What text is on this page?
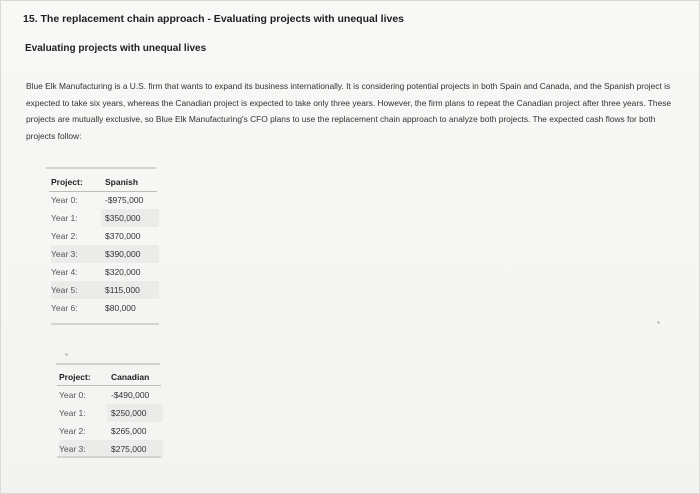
15. The replacement chain approach - Evaluating projects with unequal lives
Evaluating projects with unequal lives
Blue Elk Manufacturing is a U.S. firm that wants to expand its business internationally. It is considering potential projects in both Spain and Canada, and the Spanish project is expected to take six years, whereas the Canadian project is expected to take only three years. However, the firm plans to repeat the Canadian project after three years. These projects are mutually exclusive, so Blue Elk Manufacturing's CFO plans to use the replacement chain approach to analyze both projects. The expected cash flows for both projects follow:
Project:	Spanish
Year 0:	-$975,000
Year 1:	$350,000
Year 2:	$370,000
Year 3:	$390,000
Year 4:	$320,000
Year 5:	$115,000
Year 6:	$80,000
Project:	Canadian
Year 0:	-$490,000
Year 1:	$250,000
Year 2:	$265,000
Year 3:	$275,000
